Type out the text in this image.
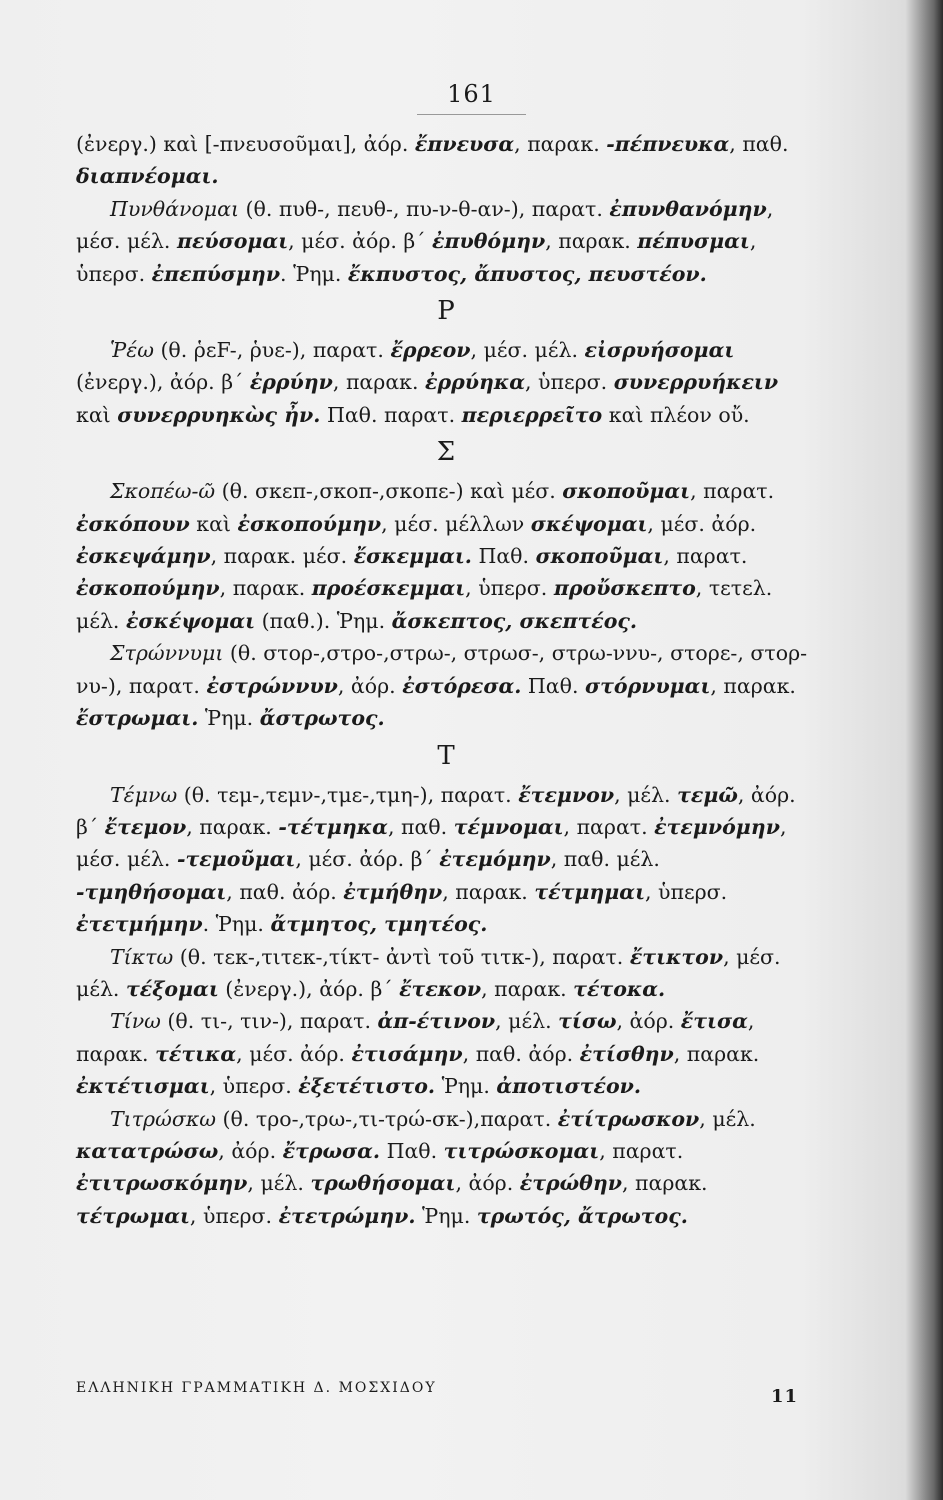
161

(ἐνεργ.) καὶ [-πνευσοῦμαι], ἀόρ. ἔπνευσα, παρακ. -πέπνευκα, παθ.
διαπνέομαι.

Πυνθάνομαι (θ. πυθ-, πευθ-, πυ-ν-θ-αν-), παρατ. ἐπυνθανόμην, μέσ. μέλ. πεύσομαι, μέσ. ἀόρ. β΄ ἐπυθόμην, παρακ. πέπυσμαι, ὑπερσ. ἐπεπύσμην. Ῥημ. ἔκπυστος, ἄπυστος, πευστέον.

Ρ

Ῥέω (θ. ῥεF-, ῥυε-), παρατ. ἔρρεον, μέσ. μέλ. εἰσρυήσομαι (ἐνεργ.), ἀόρ. β΄ ἐρρύην, παρακ. ἐρρύηκα, ὑπερσ. συνερρυήκειν καὶ συνερρυηκὼς ἦν. Παθ. παρατ. περιερρεῖτο καὶ πλέον οὔ.

Σ

Σκοπέω-ῶ (θ. σκεπ-,σκοπ-,σκοπε-) καὶ μέσ. σκοποῦμαι, παρατ. ἐσκόπουν καὶ ἐσκοπούμην, μέσ. μέλλων σκέψομαι, μέσ. ἀόρ. ἐσκεψάμην, παρακ. μέσ. ἔσκεμμαι. Παθ. σκοποῦμαι, παρατ. ἐσκοπούμην, παρακ. προέσκεμμαι, ὑπερσ. προὔσκεπτο, τετελ. μέλ. ἐσκέψομαι (παθ.). Ῥημ. ἄσκεπτος, σκεπτέος.

Στρώννυμι (θ. στορ-,στρο-,στρω-, στρωσ-, στρω-ννυ-, στορε-, στορ-νυ-), παρατ. ἐστρώννυν, ἀόρ. ἐστόρεσα. Παθ. στόρνυμαι, παρακ. ἔστρωμαι. Ῥημ. ἄστρωτος.

Τ

Τέμνω (θ. τεμ-,τεμν-,τμε-,τμη-), παρατ. ἔτεμνον, μέλ. τεμῶ, ἀόρ. β΄ ἔτεμον, παρακ. -τέτμηκα, παθ. τέμνομαι, παρατ. ἐτεμνόμην, μέσ. μέλ. -τεμοῦμαι, μέσ. ἀόρ. β΄ ἐτεμόμην, παθ. μέλ. -τμηθήσομαι, παθ. ἀόρ. ἐτμήθην, παρακ. τέτμημαι, ὑπερσ. ἐτετμήμην. Ῥημ. ἄτμητος, τμητέος.

Τίκτω (θ. τεκ-,τιτεκ-,τίκτ- ἀντὶ τοῦ τιτκ-), παρατ. ἔτικτον, μέσ. μέλ. τέξομαι (ἐνεργ.), ἀόρ. β΄ ἔτεκον, παρακ. τέτοκα.

Τίνω (θ. τι-, τιν-), παρατ. ἀπ-έτινον, μέλ. τίσω, ἀόρ. ἔτισα, παρακ. τέτικα, μέσ. ἀόρ. ἐτισάμην, παθ. ἀόρ. ἐτίσθην, παρακ. ἐκτέτισμαι, ὑπερσ. ἐξετέτιστο. Ῥημ. ἀποτιστέον.

Τιτρώσκω (θ. τρο-,τρω-,τι-τρώ-σκ-),παρατ. ἐτίτρωσκον, μέλ. κατατρώσω, ἀόρ. ἔτρωσα. Παθ. τιτρώσκομαι, παρατ. ἐτιτρωσκόμην, μέλ. τρωθήσομαι, ἀόρ. ἐτρώθην, παρακ. τέτρωμαι, ὑπερσ. ἐτετρώμην. Ῥημ. τρωτός, ἄτρωτος.

ΕΛΛΗΝΙΚΗ ΓΡΑΜΜΑΤΙΚΗ Δ. ΜΟΣΧΙΔΟΥ	11
